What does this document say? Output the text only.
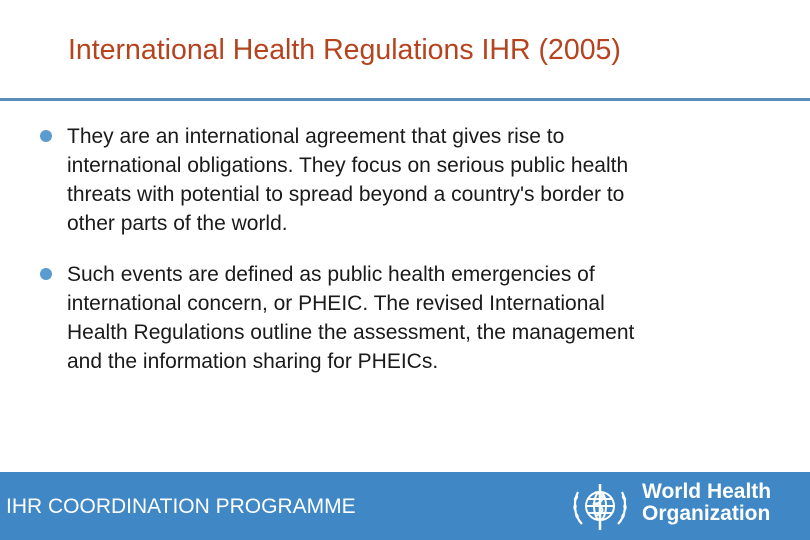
International Health Regulations IHR (2005)
They are an international agreement that gives rise to
international obligations. They focus on serious public health
threats with potential to spread beyond a country's border to
other parts of the world.
Such events are defined as public health emergencies of
international concern, or PHEIC. The revised International
Health Regulations outline the assessment, the management
and the information sharing for PHEICs.
IHR COORDINATION PROGRAMME
World Health
Organization
